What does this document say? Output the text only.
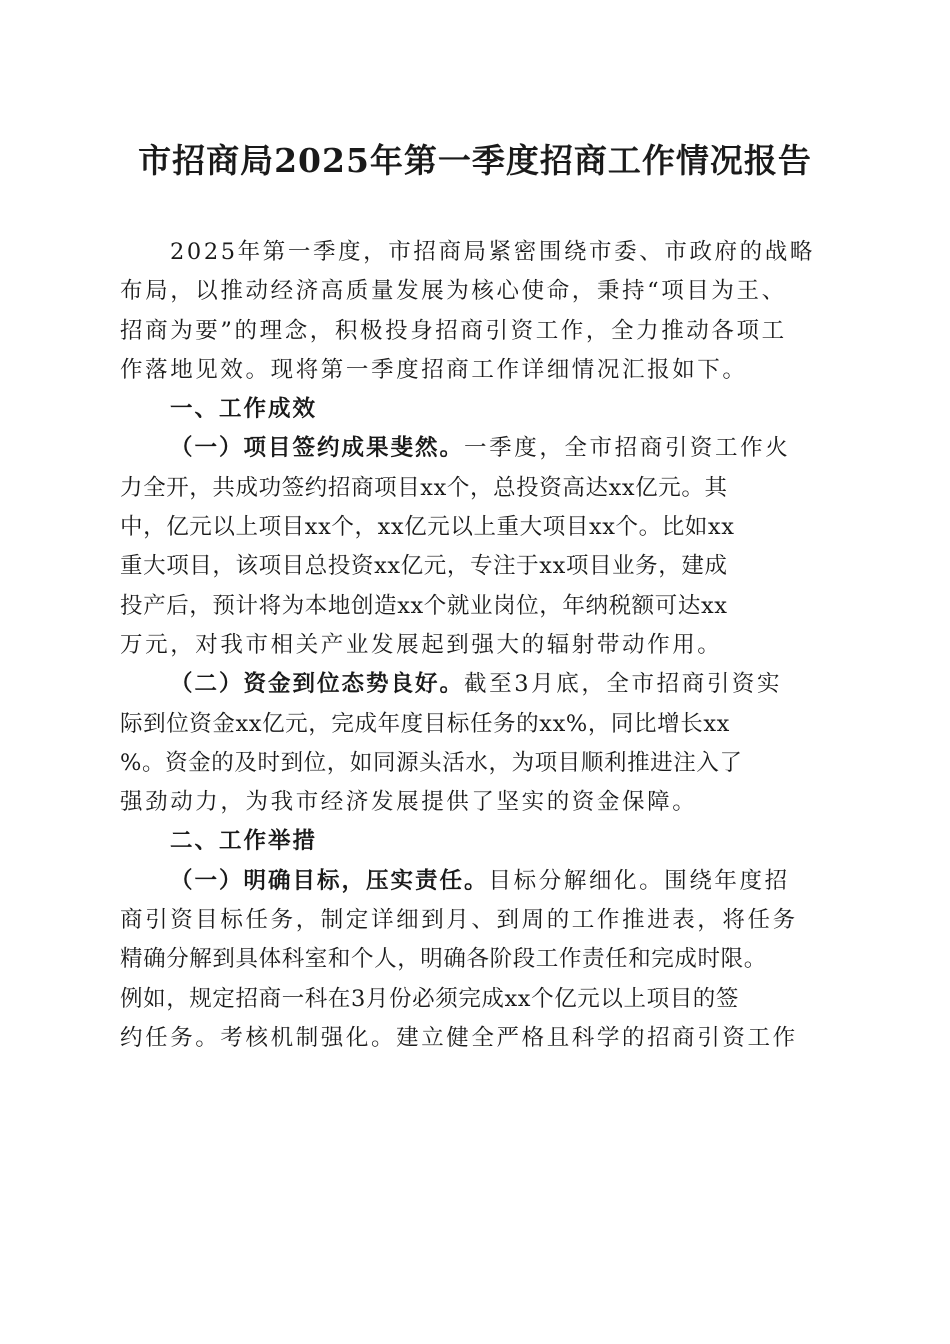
市招商局2025年第一季度招商工作情况报告
2025年第一季度，市招商局紧密围绕市委、市政府的战略
布局，以推动经济高质量发展为核心使命，秉持“项目为王、
招商为要”的理念，积极投身招商引资工作，全力推动各项工
作落地见效。现将第一季度招商工作详细情况汇报如下。
一、工作成效
（一）项目签约成果斐然。一季度，全市招商引资工作火
力全开，共成功签约招商项目xx个，总投资高达xx亿元。其
中，亿元以上项目xx个，xx亿元以上重大项目xx个。比如xx
重大项目，该项目总投资xx亿元，专注于xx项目业务，建成
投产后，预计将为本地创造xx个就业岗位，年纳税额可达xx
万元，对我市相关产业发展起到强大的辐射带动作用。
（二）资金到位态势良好。截至3月底，全市招商引资实
际到位资金xx亿元，完成年度目标任务的xx%，同比增长xx
%。资金的及时到位，如同源头活水，为项目顺利推进注入了
强劲动力，为我市经济发展提供了坚实的资金保障。
二、工作举措
（一）明确目标，压实责任。目标分解细化。围绕年度招
商引资目标任务，制定详细到月、到周的工作推进表，将任务
精确分解到具体科室和个人，明确各阶段工作责任和完成时限。
例如，规定招商一科在3月份必须完成xx个亿元以上项目的签
约任务。考核机制强化。建立健全严格且科学的招商引资工作
